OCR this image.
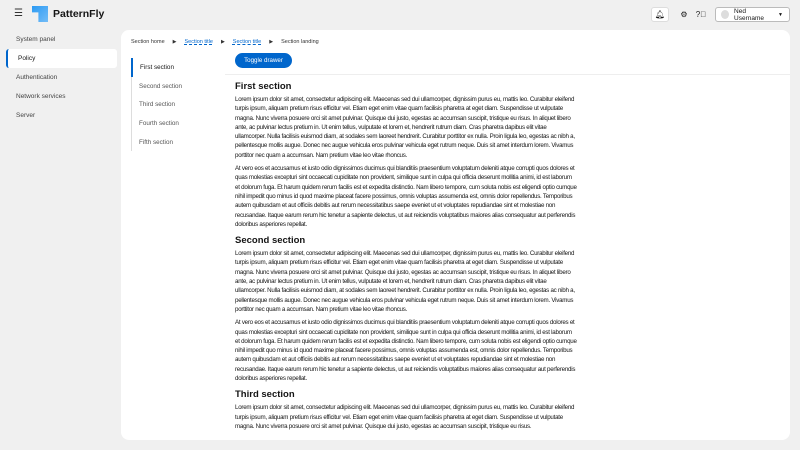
☰	PatternFly	🔔︎ ⚙ ?⃝	Ned Username	▼
System panel
Policy
Authentication
Network services
Server
Section home ▶ Section title ▶ Section title ▶ Section landing
First section
Second section
Third section
Fourth section
Fifth section
Toggle drawer
First section

Lorem ipsum dolor sit amet, consectetur adipiscing elit. Maecenas sed dui ullamcorper, dignissim purus eu, mattis leo. Curabitur eleifend turpis ipsum, aliquam pretium risus efficitur vel. Etiam eget enim vitae quam facilisis pharetra at eget diam. Suspendisse ut vulputate magna. Nunc viverra posuere orci sit amet pulvinar. Quisque dui justo, egestas ac accumsan suscipit, tristique eu risus. In aliquet libero ante, ac pulvinar lectus pretium in. Ut enim tellus, vulputate et lorem et, hendrerit rutrum diam. Cras pharetra dapibus elit vitae ullamcorper. Nulla facilisis euismod diam, at sodales sem laoreet hendrerit. Curabitur porttitor ex nulla. Proin ligula leo, egestas ac nibh a, pellentesque mollis augue. Donec nec augue vehicula eros pulvinar vehicula eget rutrum neque. Duis sit amet interdum lorem. Vivamus porttitor nec quam a accumsan. Nam pretium vitae leo vitae rhoncus.

At vero eos et accusamus et iusto odio dignissimos ducimus qui blanditiis praesentium voluptatum deleniti atque corrupti quos dolores et quas molestias excepturi sint occaecati cupiditate non provident, similique sunt in culpa qui officia deserunt mollitia animi, id est laborum et dolorum fuga. Et harum quidem rerum facilis est et expedita distinctio. Nam libero tempore, cum soluta nobis est eligendi optio cumque nihil impedit quo minus id quod maxime placeat facere possimus, omnis voluptas assumenda est, omnis dolor repellendus. Temporibus autem quibusdam et aut officiis debitis aut rerum necessitatibus saepe eveniet ut et voluptates repudiandae sint et molestiae non recusandae. Itaque earum rerum hic tenetur a sapiente delectus, ut aut reiciendis voluptatibus maiores alias consequatur aut perferendis doloribus asperiores repellat.

Second section

Lorem ipsum dolor sit amet, consectetur adipiscing elit. Maecenas sed dui ullamcorper, dignissim purus eu, mattis leo. Curabitur eleifend turpis ipsum, aliquam pretium risus efficitur vel. Etiam eget enim vitae quam facilisis pharetra at eget diam. Suspendisse ut vulputate magna. Nunc viverra posuere orci sit amet pulvinar. Quisque dui justo, egestas ac accumsan suscipit, tristique eu risus. In aliquet libero ante, ac pulvinar lectus pretium in. Ut enim tellus, vulputate et lorem et, hendrerit rutrum diam. Cras pharetra dapibus elit vitae ullamcorper. Nulla facilisis euismod diam, at sodales sem laoreet hendrerit. Curabitur porttitor ex nulla. Proin ligula leo, egestas ac nibh a, pellentesque mollis augue. Donec nec augue vehicula eros pulvinar vehicula eget rutrum neque. Duis sit amet interdum lorem. Vivamus porttitor nec quam a accumsan. Nam pretium vitae leo vitae rhoncus.

At vero eos et accusamus et iusto odio dignissimos ducimus qui blanditiis praesentium voluptatum deleniti atque corrupti quos dolores et quas molestias excepturi sint occaecati cupiditate non provident, similique sunt in culpa qui officia deserunt mollitia animi, id est laborum et dolorum fuga. Et harum quidem rerum facilis est et expedita distinctio. Nam libero tempore, cum soluta nobis est eligendi optio cumque nihil impedit quo minus id quod maxime placeat facere possimus, omnis voluptas assumenda est, omnis dolor repellendus. Temporibus autem quibusdam et aut officiis debitis aut rerum necessitatibus saepe eveniet ut et voluptates repudiandae sint et molestiae non recusandae. Itaque earum rerum hic tenetur a sapiente delectus, ut aut reiciendis voluptatibus maiores alias consequatur aut perferendis doloribus asperiores repellat.

Third section

Lorem ipsum dolor sit amet, consectetur adipiscing elit. Maecenas sed dui ullamcorper, dignissim purus eu, mattis leo. Curabitur eleifend turpis ipsum, aliquam pretium risus efficitur vel. Etiam eget enim vitae quam facilisis pharetra at eget diam. Suspendisse ut vulputate magna. Nunc viverra posuere orci sit amet pulvinar. Quisque dui justo, egestas ac accumsan suscipit, tristique eu risus.
